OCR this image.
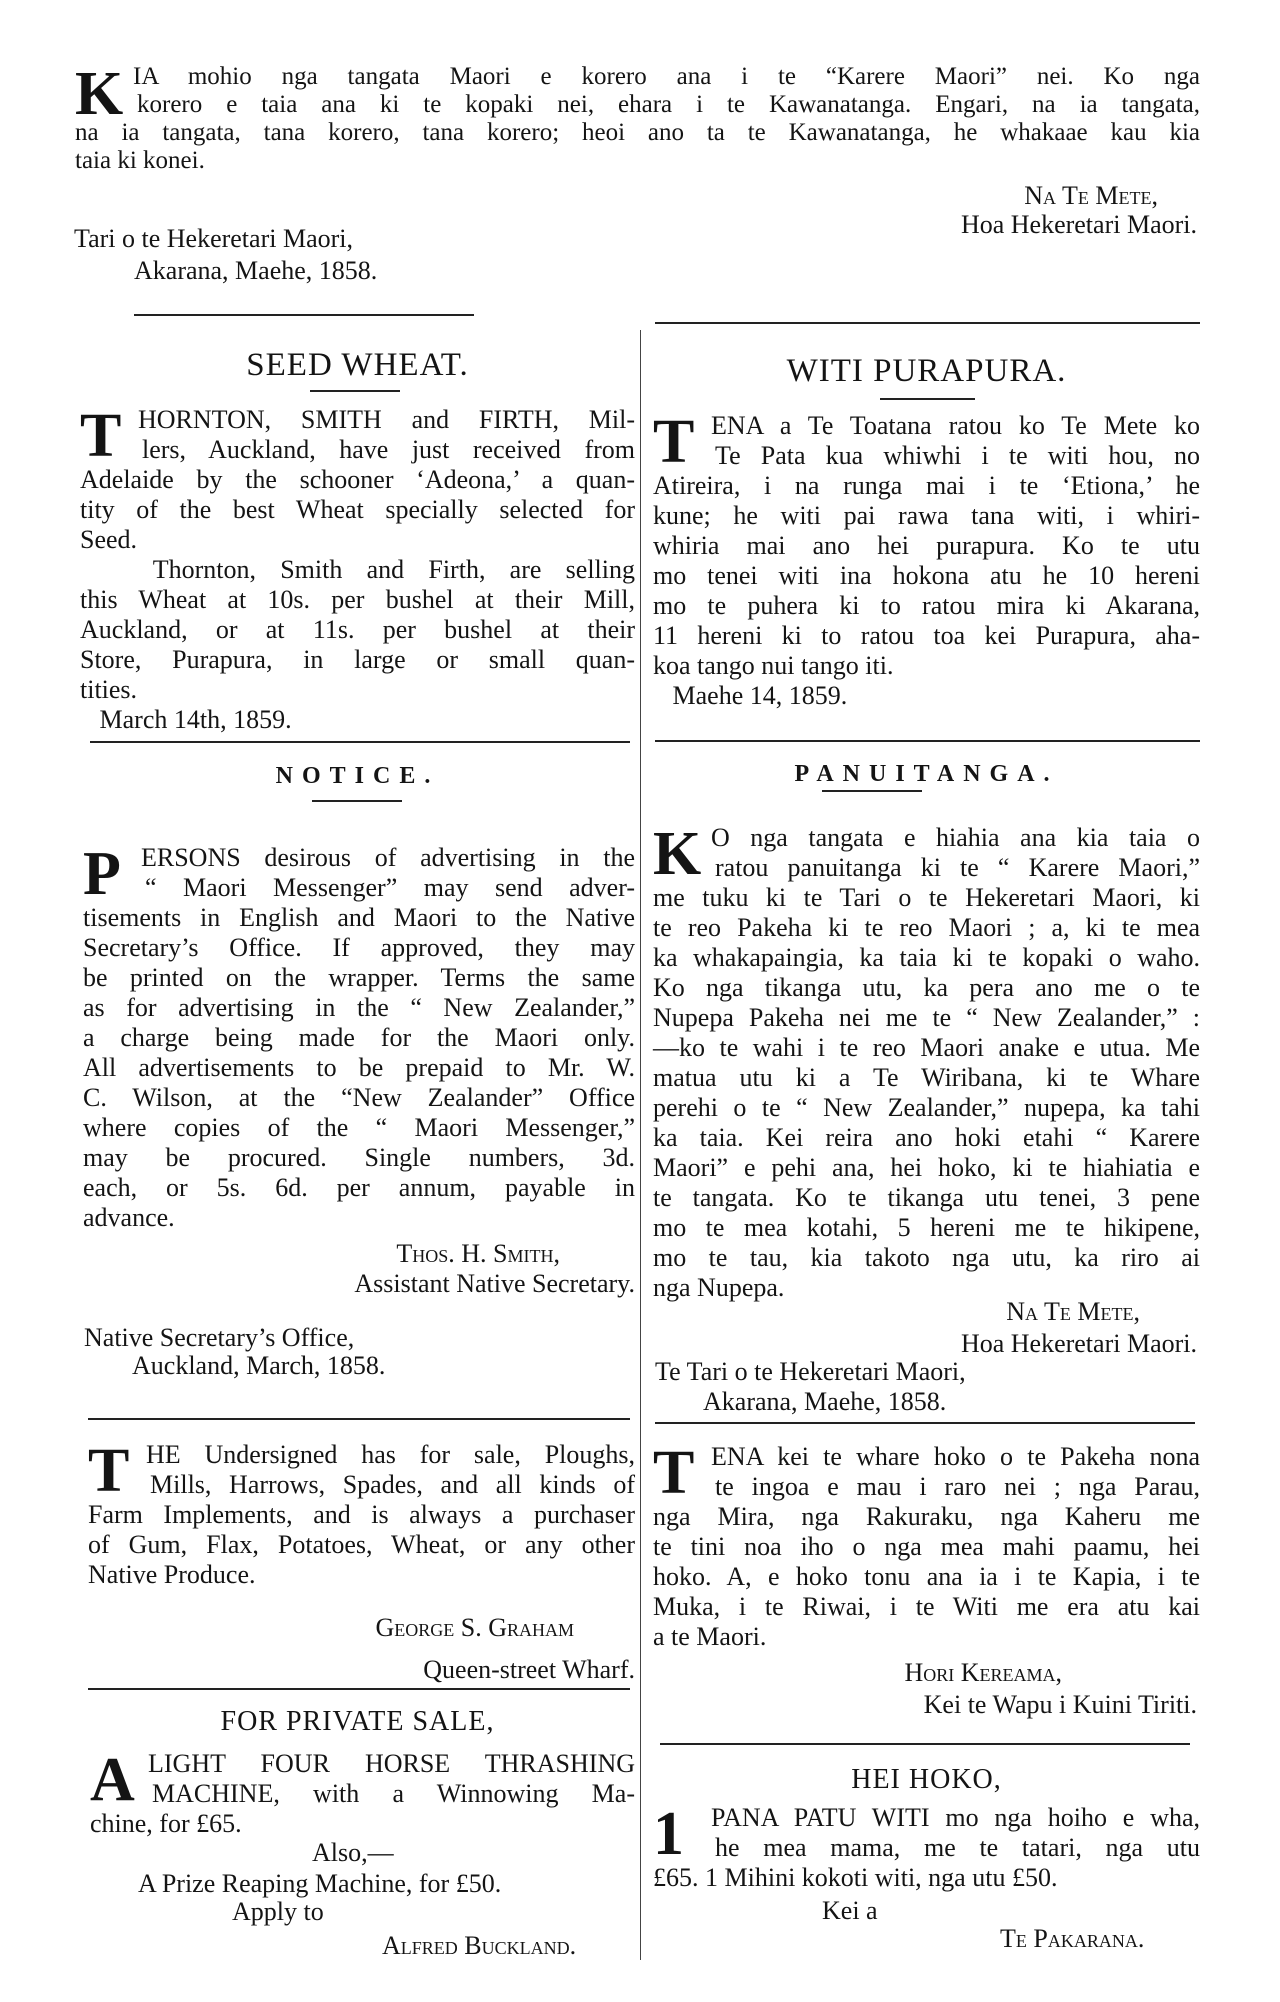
K IA mohio nga tangata Maori e korero ana i te “Karere Maori” nei. Ko nga
korero e taia ana ki te kopaki nei, ehara i te Kawanatanga. Engari, na ia tangata,
na ia tangata, tana korero, tana korero; heoi ano ta te Kawanatanga, he whakaae kau kia
taia ki konei.
Na Te Mete,
Hoa Hekeretari Maori.
Tari o te Hekeretari Maori,
Akarana, Maehe, 1858.
SEED WHEAT.
T HORNTON, SMITH and FIRTH, Mil-
lers, Auckland, have just received from
Adelaide by the schooner ‘Adeona,’ a quan-
tity of the best Wheat specially selected for
Seed.
Thornton, Smith and Firth, are selling
this Wheat at 10s. per bushel at their Mill,
Auckland, or at 11s. per bushel at their
Store, Purapura, in large or small quan-
tities.
March 14th, 1859.
NOTICE.
P ERSONS desirous of advertising in the
“ Maori Messenger” may send adver-
tisements in English and Maori to the Native
Secretary’s Office. If approved, they may
be printed on the wrapper. Terms the same
as for advertising in the “ New Zealander,”
a charge being made for the Maori only.
All advertisements to be prepaid to Mr. W.
C. Wilson, at the “New Zealander” Office
where copies of the “ Maori Messenger,”
may be procured. Single numbers, 3d.
each, or 5s. 6d. per annum, payable in
advance.
Thos. H. Smith,
Assistant Native Secretary.
Native Secretary’s Office,
Auckland, March, 1858.
T HE Undersigned has for sale, Ploughs,
Mills, Harrows, Spades, and all kinds of
Farm Implements, and is always a purchaser
of Gum, Flax, Potatoes, Wheat, or any other
Native Produce.
George S. Graham
Queen-street Wharf.
FOR PRIVATE SALE,
A LIGHT FOUR HORSE THRASHING
MACHINE, with a Winnowing Ma-
chine, for £65.
Also,—
A Prize Reaping Machine, for £50.
Apply to
Alfred Buckland.
WITI PURAPURA.
T ENA a Te Toatana ratou ko Te Mete ko
Te Pata kua whiwhi i te witi hou, no
Atireira, i na runga mai i te ‘Etiona,’ he
kune; he witi pai rawa tana witi, i whiri-
whiria mai ano hei purapura. Ko te utu
mo tenei witi ina hokona atu he 10 hereni
mo te puhera ki to ratou mira ki Akarana,
11 hereni ki to ratou toa kei Purapura, aha-
koa tango nui tango iti.
Maehe 14, 1859.
PANUITANGA.
K O nga tangata e hiahia ana kia taia o
ratou panuitanga ki te “ Karere Maori,”
me tuku ki te Tari o te Hekeretari Maori, ki
te reo Pakeha ki te reo Maori ; a, ki te mea
ka whakapaingia, ka taia ki te kopaki o waho.
Ko nga tikanga utu, ka pera ano me o te
Nupepa Pakeha nei me te “ New Zealander,” :
—ko te wahi i te reo Maori anake e utua. Me
matua utu ki a Te Wiribana, ki te Whare
perehi o te “ New Zealander,” nupepa, ka tahi
ka taia. Kei reira ano hoki etahi “ Karere
Maori” e pehi ana, hei hoko, ki te hiahiatia e
te tangata. Ko te tikanga utu tenei, 3 pene
mo te mea kotahi, 5 hereni me te hikipene,
mo te tau, kia takoto nga utu, ka riro ai
nga Nupepa.
Na Te Mete,
Hoa Hekeretari Maori.
Te Tari o te Hekeretari Maori,
Akarana, Maehe, 1858.
T ENA kei te whare hoko o te Pakeha nona
te ingoa e mau i raro nei ; nga Parau,
nga Mira, nga Rakuraku, nga Kaheru me
te tini noa iho o nga mea mahi paamu, hei
hoko. A, e hoko tonu ana ia i te Kapia, i te
Muka, i te Riwai, i te Witi me era atu kai
a te Maori.
Hori Kereama,
Kei te Wapu i Kuini Tiriti.
HEI HOKO,
1	PANA PATU WITI mo nga hoiho e wha,
he mea mama, me te tatari, nga utu
£65. 1 Mihini kokoti witi, nga utu £50.
Kei a
Te Pakarana.
